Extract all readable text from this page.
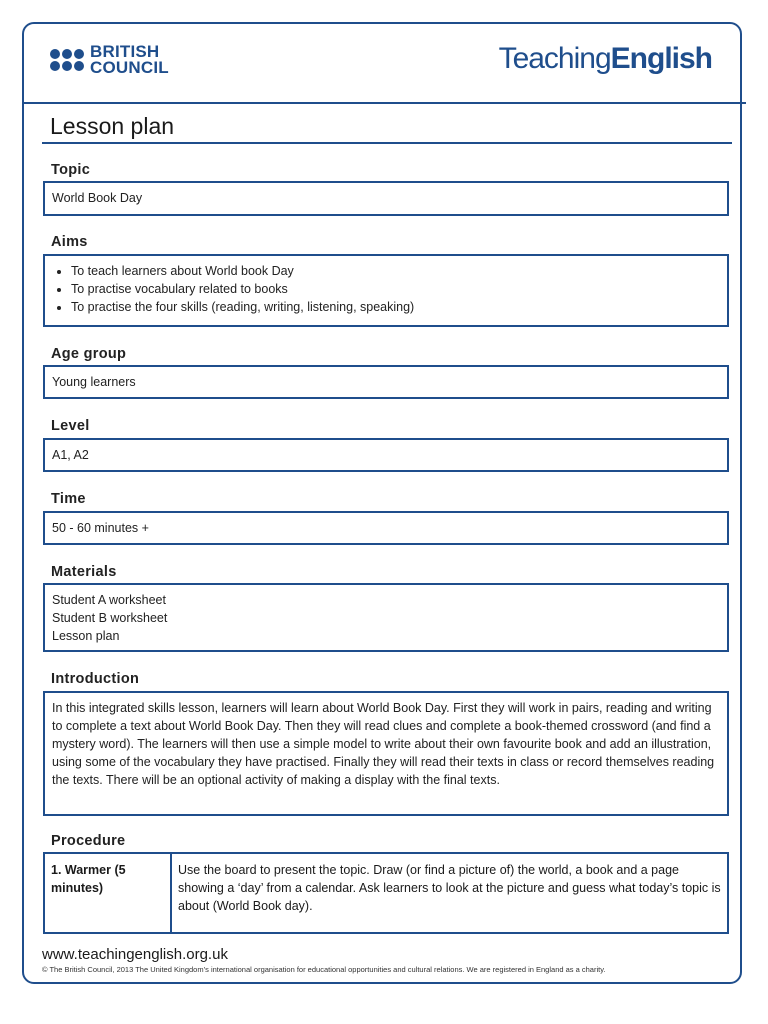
BRITISH
COUNCIL	TeachingEnglish
Lesson plan
Topic
World Book Day
Aims
• To teach learners about World book Day
• To practise vocabulary related to books
• To practise the four skills (reading, writing, listening, speaking)
Age group
Young learners
Level
A1, A2
Time
50 - 60 minutes +
Materials
Student A worksheet
Student B worksheet
Lesson plan
Introduction
In this integrated skills lesson, learners will learn about World Book Day. First they will work in pairs, reading and writing to complete a text about World Book Day. Then they will read clues and complete a book-themed crossword (and find a mystery word). The learners will then use a simple model to write about their own favourite book and add an illustration, using some of the vocabulary they have practised. Finally they will read their texts in class or record themselves reading the texts. There will be an optional activity of making a display with the final texts.
Procedure
1. Warmer (5 minutes)
Use the board to present the topic. Draw (or find a picture of) the world, a book and a page showing a ‘day’ from a calendar. Ask learners to look at the picture and guess what today’s topic is about (World Book day).
www.teachingenglish.org.uk
© The British Council, 2013 The United Kingdom’s international organisation for educational opportunities and cultural relations. We are registered in England as a charity.
